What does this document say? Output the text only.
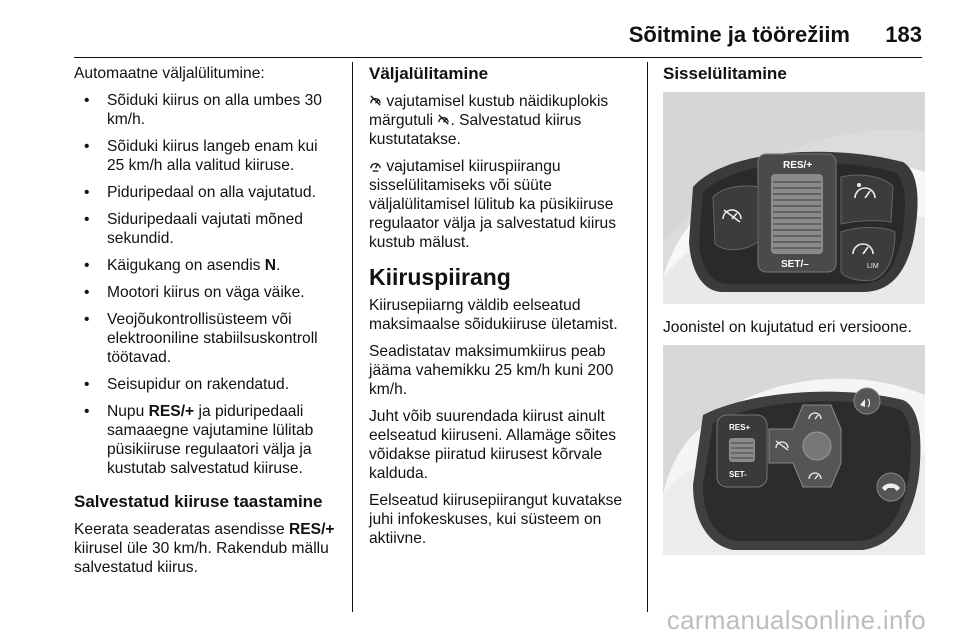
Sõitmine ja töörežiim 183

Automaatne väljalülitumine:

• Sõiduki kiirus on alla umbes 30 km/h.
• Sõiduki kiirus langeb enam kui 25 km/h alla valitud kiiruse.
• Piduripedaal on alla vajutatud.
• Siduripedaali vajutati mõned sekundid.
• Käigukang on asendis N.
• Mootori kiirus on väga väike.
• Veojõukontrollisüsteem või elektrooniline stabiilsuskontroll töötavad.
• Seisupidur on rakendatud.
• Nupu RES/+ ja piduripedaali samaaegne vajutamine lülitab püsikiiruse regulaatori välja ja kustutab salvestatud kiiruse.
Salvestatud kiiruse taastamine

Keerata seaderatas asendisse RES/+ kiirusel üle 30 km/h. Rakendub mällu salvestatud kiirus.

Väljalülitamine

vajutamisel kustub näidikuplokis märgutuli . Salvestatud kiirus kustutatakse.

vajutamisel kiiruspiirangu sisselülitamiseks või süüte väljalülitamisel lülitub ka püsikiiruse regulaator välja ja salvestatud kiirus kustub mälust.

Kiiruspiirang

Kiirusepiiarng väldib eelseatud maksimaalse sõidukiiruse ületamist.

Seadistatav maksimumkiirus peab jääma vahemikku 25 km/h kuni 200 km/h.

Juht võib suurendada kiirust ainult eelseatud kiiruseni. Allamäge sõites võidakse piiratud kiirusest kõrvale kalduda.

Eelseatud kiirusepiirangut kuvatakse juhi infokeskuses, kui süsteem on aktiivne.

Sisselülitamine
RES/+
SET/–	LIM

Joonistel on kujutatud eri versioone.

RES+
SET-
carmanualsonline.info
